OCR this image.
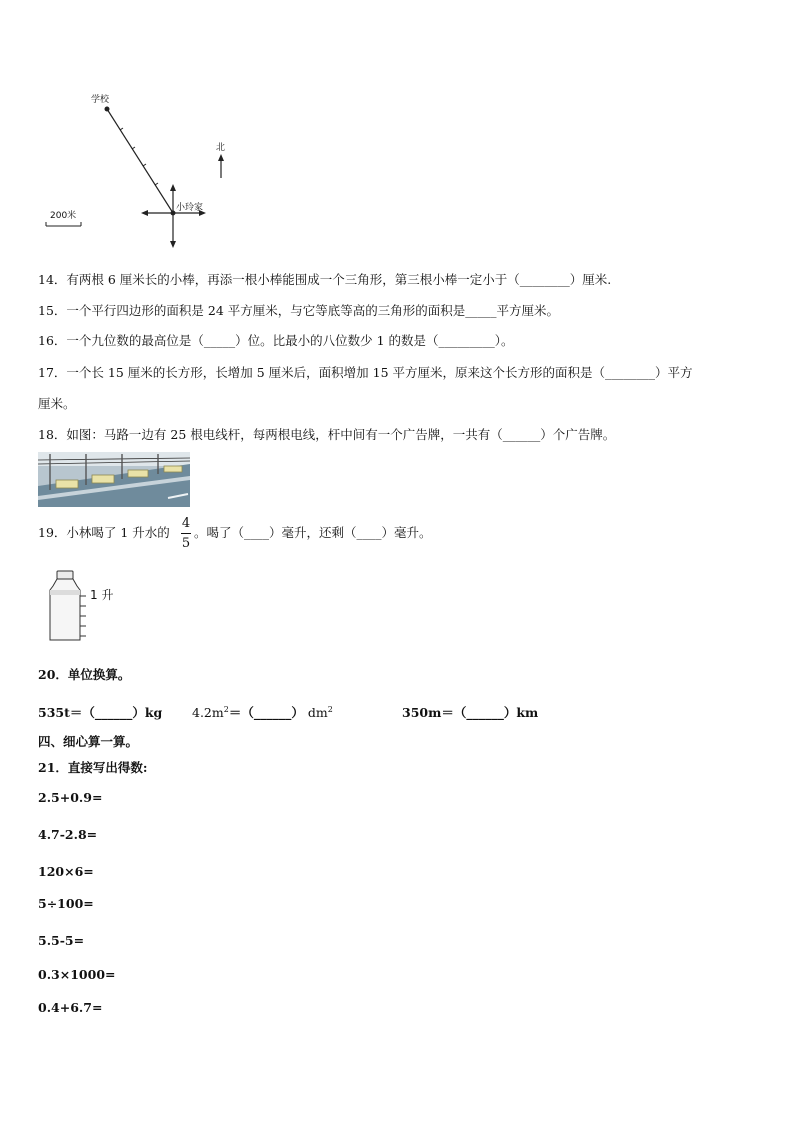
学校
小玲家
北
200米
14．有两根 6 厘米长的小棒，再添一根小棒能围成一个三角形，第三根小棒一定小于（________）厘米.
15．一个平行四边形的面积是 24 平方厘米，与它等底等高的三角形的面积是_____平方厘米。
16．一个九位数的最高位是（_____）位。比最小的八位数少 1 的数是（_________）。
17．一个长 15 厘米的长方形，长增加 5 厘米后，面积增加 15 平方厘米，原来这个长方形的面积是（________）平方
厘米。
18．如图：马路一边有 25 根电线杆，每两根电线，杆中间有一个广告牌，一共有（______）个广告牌。
19．小林喝了 1 升水的
4
5
。喝了（____）毫升，还剩（____）毫升。
1 升
20．单位换算。
535t＝（______）kg $4.2m^2=(\_\_\_\_\_\_)$ $dm^2$	350m＝（______）km
四、细心算一算。
21．直接写出得数:
2.5+0.9=
4.7-2.8=
120×6=
5÷100=
5.5-5=
0.3×1000=
0.4+6.7=
